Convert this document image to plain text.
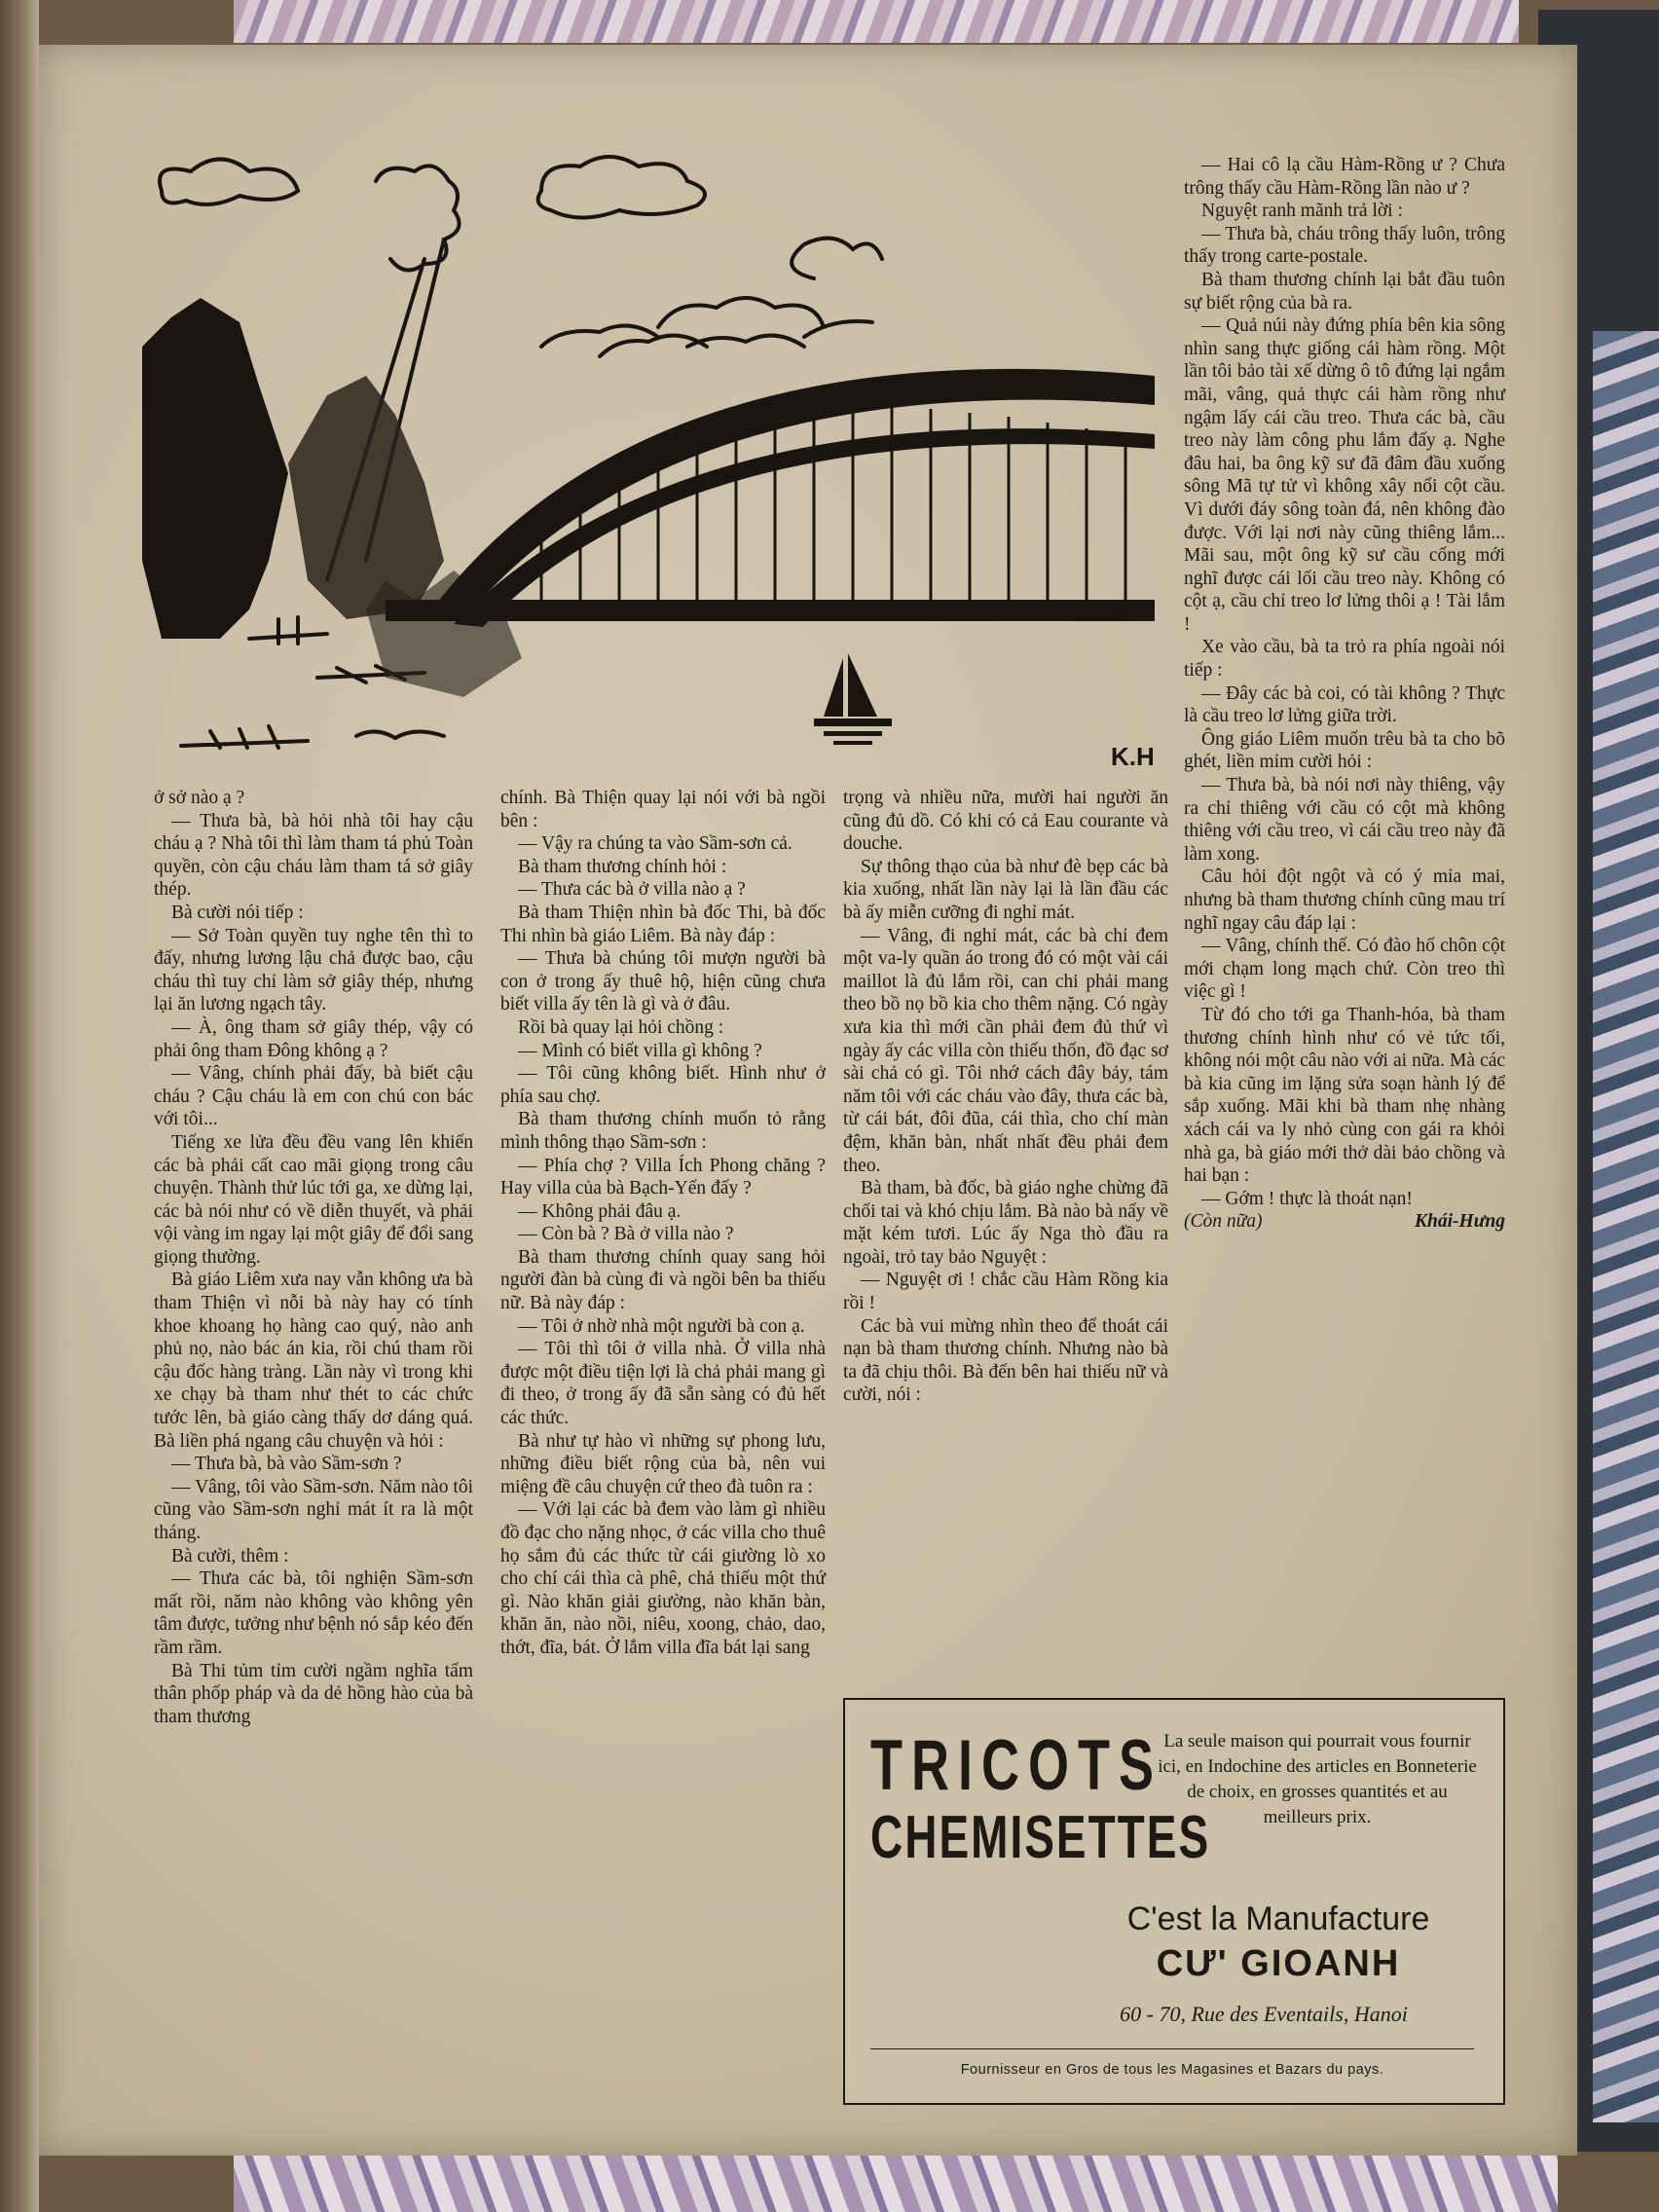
K.H

ở sở nào ạ ?

— Thưa bà, bà hỏi nhà tôi hay cậu cháu ạ ? Nhà tôi thì làm tham tá phủ Toàn quyền, còn cậu cháu làm tham tá sở giây thép.

Bà cười nói tiếp :

— Sở Toàn quyền tuy nghe tên thì to đấy, nhưng lương lậu chả được bao, cậu cháu thì tuy chỉ làm sở giây thép, nhưng lại ăn lương ngạch tây.

— À, ông tham sở giây thép, vậy có phải ông tham Đông không ạ ?

— Vâng, chính phải đấy, bà biết cậu cháu ? Cậu cháu là em con chú con bác với tôi...

Tiếng xe lửa đều đều vang lên khiến các bà phải cất cao mãi giọng trong câu chuyện. Thành thử lúc tới ga, xe dừng lại, các bà nói như có về diễn thuyết, và phải vội vàng im ngay lại một giây để đổi sang giọng thường.

Bà giáo Liêm xưa nay vẫn không ưa bà tham Thiện vì nỗi bà này hay có tính khoe khoang họ hàng cao quý, nào anh phủ nọ, nào bác án kia, rồi chú tham rồi cậu đốc hàng tràng. Lần này vì trong khi xe chạy bà tham như thét to các chức tước lên, bà giáo càng thấy dơ dáng quá. Bà liền phá ngang câu chuyện và hỏi :

— Thưa bà, bà vào Sầm-sơn ?

— Vâng, tôi vào Sầm-sơn. Năm nào tôi cũng vào Sầm-sơn nghỉ mát ít ra là một tháng.

Bà cười, thêm :

— Thưa các bà, tôi nghiện Sầm-sơn mất rồi, năm nào không vào không yên tâm được, tưởng như bệnh nó sắp kéo đến rầm rầm.

Bà Thi tủm tỉm cười ngầm nghĩa tấm thân phốp pháp và da dẻ hồng hào của bà tham thương

chính. Bà Thiện quay lại nói với bà ngồi bên :

— Vậy ra chúng ta vào Sầm-sơn cả.

Bà tham thương chính hỏi :

— Thưa các bà ở villa nào ạ ?

Bà tham Thiện nhìn bà đốc Thi, bà đốc Thi nhìn bà giáo Liêm. Bà này đáp :

— Thưa bà chúng tôi mượn người bà con ở trong ấy thuê hộ, hiện cũng chưa biết villa ấy tên là gì và ở đâu.

Rồi bà quay lại hỏi chồng :

— Mình có biết villa gì không ?

— Tôi cũng không biết. Hình như ở phía sau chợ.

Bà tham thương chính muốn tỏ rằng mình thông thạo Sầm-sơn :

— Phía chợ ? Villa Ích Phong chăng ? Hay villa của bà Bạch-Yến đấy ?

— Không phải đâu ạ.

— Còn bà ? Bà ở villa nào ?

Bà tham thương chính quay sang hỏi người đàn bà cùng đi và ngồi bên ba thiếu nữ. Bà này đáp :

— Tôi ở nhờ nhà một người bà con ạ.

— Tôi thì tôi ở villa nhà. Ở villa nhà được một điều tiện lợi là chả phải mang gì đi theo, ở trong ấy đã sẵn sàng có đủ hết các thức.

Bà như tự hào vì những sự phong lưu, những điều biết rộng của bà, nên vui miệng đề câu chuyện cứ theo đà tuôn ra :

— Với lại các bà đem vào làm gì nhiều đồ đạc cho nặng nhọc, ở các villa cho thuê họ sắm đủ các thức từ cái giường lò xo cho chí cái thìa cà phê, chả thiếu một thứ gì. Nào khăn giải giường, nào khăn bàn, khăn ăn, nào nồi, niêu, xoong, chảo, dao, thớt, đĩa, bát. Ở lắm villa đĩa bát lại sang

trọng và nhiều nữa, mười hai người ăn cũng đủ dồ. Có khi có cả Eau courante và douche.

Sự thông thạo của bà như đè bẹp các bà kia xuống, nhất lần này lại là lần đầu các bà ấy miễn cưỡng đi nghỉ mát.

— Vâng, đi nghỉ mát, các bà chỉ đem một va-ly quần áo trong đó có một vài cái maillot là đủ lắm rồi, can chi phải mang theo bồ nọ bồ kia cho thêm nặng. Có ngày xưa kia thì mới cần phải đem đủ thứ vì ngày ấy các villa còn thiếu thốn, đồ đạc sơ sài chả có gì. Tôi nhớ cách đây bảy, tám năm tôi với các cháu vào đây, thưa các bà, từ cái bát, đôi đũa, cái thìa, cho chí màn đệm, khăn bàn, nhất nhất đều phải đem theo.

Bà tham, bà đốc, bà giáo nghe chừng đã chối tai và khó chịu lắm. Bà nào bà nấy về mặt kém tươi. Lúc ấy Nga thò đầu ra ngoài, trỏ tay bảo Nguyệt :

— Nguyệt ơi ! chắc cầu Hàm Rồng kia rồi !

Các bà vui mừng nhìn theo để thoát cái nạn bà tham thương chính. Nhưng nào bà ta đã chịu thôi. Bà đến bên hai thiếu nữ và cười, nói :

— Hai cô lạ cầu Hàm-Rồng ư ? Chưa trông thấy cầu Hàm-Rồng lần nào ư ?

Nguyệt ranh mãnh trả lời :

— Thưa bà, cháu trông thấy luôn, trông thấy trong carte-postale.

Bà tham thương chính lại bắt đầu tuôn sự biết rộng của bà ra.

— Quả núi này đứng phía bên kia sông nhìn sang thực giống cái hàm rồng. Một lần tôi bảo tài xế dừng ô tô đứng lại ngắm mãi, vâng, quả thực cái hàm rồng như ngậm lấy cái cầu treo. Thưa các bà, cầu treo này làm công phu lắm đấy ạ. Nghe đâu hai, ba ông kỹ sư đã đâm đầu xuống sông Mã tự tử vì không xây nổi cột cầu. Vì dưới đáy sông toàn đá, nên không đào được. Với lại nơi này cũng thiêng lắm... Mãi sau, một ông kỹ sư cầu cống mới nghĩ được cái lối cầu treo này. Không có cột ạ, cầu chỉ treo lơ lửng thôi ạ ! Tài lắm !

Xe vào cầu, bà ta trỏ ra phía ngoài nói tiếp :

— Đây các bà coi, có tài không ? Thực là cầu treo lơ lửng giữa trời.

Ông giáo Liêm muốn trêu bà ta cho bõ ghét, liền mỉm cười hỏi :

— Thưa bà, bà nói nơi này thiêng, vậy ra chỉ thiêng với cầu có cột mà không thiêng với cầu treo, vì cái cầu treo này đã làm xong.

Câu hỏi đột ngột và có ý mỉa mai, nhưng bà tham thương chính cũng mau trí nghĩ ngay câu đáp lại :

— Vâng, chính thế. Có đào hố chôn cột mới chạm long mạch chứ. Còn treo thì việc gì !

Từ đó cho tới ga Thanh-hóa, bà tham thương chính hình như có vẻ tức tối, không nói một câu nào với ai nữa. Mà các bà kia cũng im lặng sửa soạn hành lý để sắp xuống. Mãi khi bà tham nhẹ nhàng xách cái va ly nhỏ cùng con gái ra khỏi nhà ga, bà giáo mới thở dài bảo chồng và hai bạn :

— Gớm ! thực là thoát nạn!

(Còn nữa)	Khái-Hưng
TRICOTS
CHEMISETTES
La seule maison qui pourrait vous fournir ici, en Indochine des articles en Bonneterie de choix, en grosses quantités et au meilleurs prix.
C'est la Manufacture
CƯ' GIOANH
60 - 70, Rue des Eventails, Hanoi
Fournisseur en Gros de tous les Magasines et Bazars du pays.
